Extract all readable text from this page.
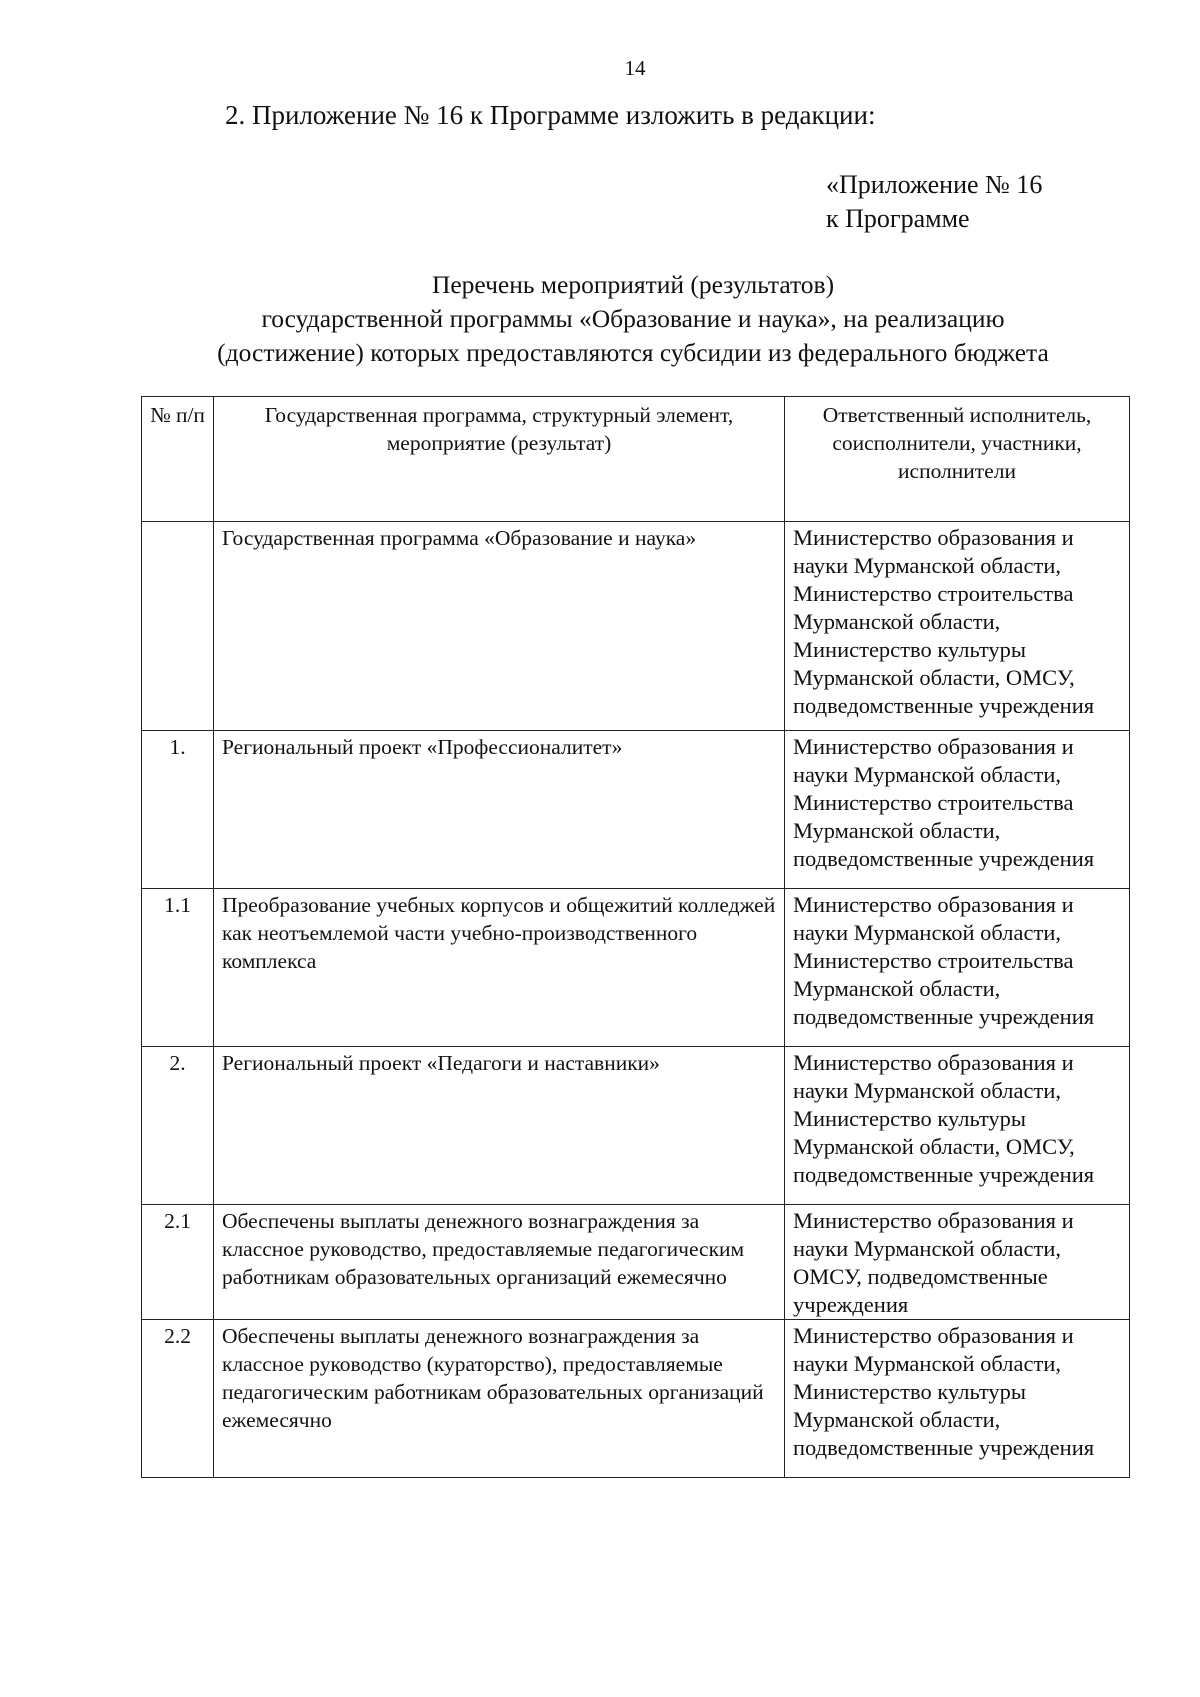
14
2. Приложение № 16 к Программе изложить в редакции:
«Приложение № 16
к Программе
Перечень мероприятий (результатов)
государственной программы «Образование и наука», на реализацию
(достижение) которых предоставляются субсидии из федерального бюджета
№ п/п	Государственная программа, структурный элемент, мероприятие (результат)	Ответственный исполнитель, соисполнители, участники, исполнители
	Государственная программа «Образование и наука»	Министерство образования и науки Мурманской области, Министерство строительства Мурманской области, Министерство культуры Мурманской области, ОМСУ, подведомственные учреждения
1.	Региональный проект «Профессионалитет»	Министерство образования и науки Мурманской области, Министерство строительства Мурманской области, подведомственные учреждения
1.1	Преобразование учебных корпусов и общежитий колледжей как неотъемлемой части учебно-производственного комплекса	Министерство образования и науки Мурманской области, Министерство строительства Мурманской области, подведомственные учреждения
2.	Региональный проект «Педагоги и наставники»	Министерство образования и науки Мурманской области, Министерство культуры Мурманской области, ОМСУ, подведомственные учреждения
2.1	Обеспечены выплаты денежного вознаграждения за классное руководство, предоставляемые педагогическим работникам образовательных организаций ежемесячно	Министерство образования и науки Мурманской области, ОМСУ, подведомственные учреждения
2.2	Обеспечены выплаты денежного вознаграждения за классное руководство (кураторство), предоставляемые педагогическим работникам образовательных организаций ежемесячно	Министерство образования и науки Мурманской области, Министерство культуры Мурманской области, подведомственные учреждения
